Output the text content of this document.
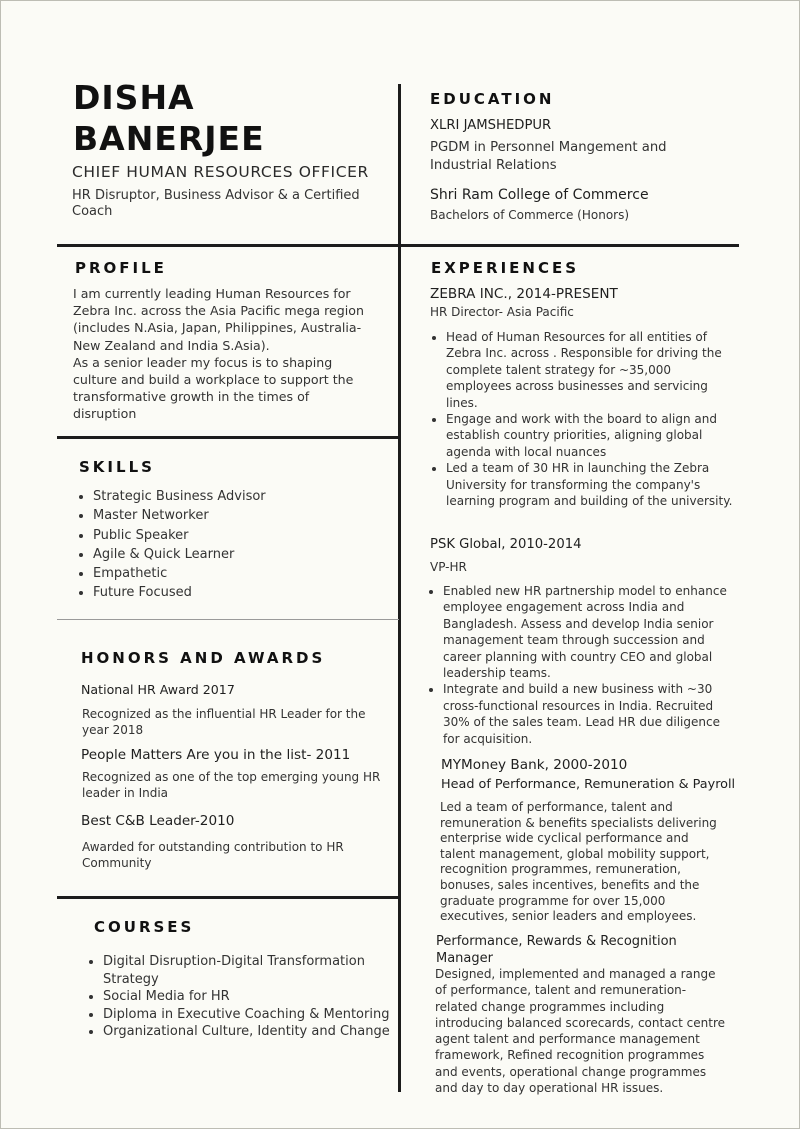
DISHA
BANERJEE
CHIEF HUMAN RESOURCES OFFICER
HR Disruptor, Business Advisor & a Certified Coach
EDUCATION
XLRI JAMSHEDPUR
PGDM in Personnel Mangement and Industrial Relations
Shri Ram College of Commerce
Bachelors of Commerce (Honors)
PROFILE
I am currently leading Human Resources for Zebra Inc. across the Asia Pacific mega region (includes N.Asia, Japan, Philippines, Australia-New Zealand and India S.Asia).
As a senior leader my focus is to shaping culture and build a workplace to support the transformative growth in the times of disruption
SKILLS
• Strategic Business Advisor
• Master Networker
• Public Speaker
• Agile & Quick Learner
• Empathetic
• Future Focused
HONORS AND AWARDS
National HR Award 2017
Recognized as the influential HR Leader for the year 2018
People Matters Are you in the list- 2011
Recognized as one of the top emerging young HR leader in India
Best C&B Leader-2010
Awarded for outstanding contribution to HR Community
COURSES
• Digital Disruption-Digital Transformation Strategy
• Social Media for HR
• Diploma in Executive Coaching & Mentoring
• Organizational Culture, Identity and Change
EXPERIENCES
ZEBRA INC., 2014-PRESENT
HR Director- Asia Pacific
• Head of Human Resources for all entities of Zebra Inc. across . Responsible for driving the complete talent strategy for ~35,000 employees across businesses and servicing lines.
• Engage and work with the board to align and establish country priorities, aligning global agenda with local nuances
• Led a team of 30 HR in launching the Zebra University for transforming the company's learning program and building of the university.
PSK Global, 2010-2014
VP-HR
• Enabled new HR partnership model to enhance employee engagement across India and Bangladesh. Assess and develop India senior management team through succession and career planning with country CEO and global leadership teams.
• Integrate and build a new business with ~30 cross-functional resources in India. Recruited 30% of the sales team. Lead HR due diligence for acquisition.
MYMoney Bank, 2000-2010
Head of Performance, Remuneration & Payroll
Led a team of performance, talent and remuneration & benefits specialists delivering enterprise wide cyclical performance and talent management, global mobility support, recognition programmes, remuneration, bonuses, sales incentives, benefits and the graduate programme for over 15,000 executives, senior leaders and employees.
Performance, Rewards & Recognition Manager
Designed, implemented and managed a range of performance, talent and remuneration-related change programmes including introducing balanced scorecards, contact centre agent talent and performance management framework, Refined recognition programmes and events, operational change programmes and day to day operational HR issues.
